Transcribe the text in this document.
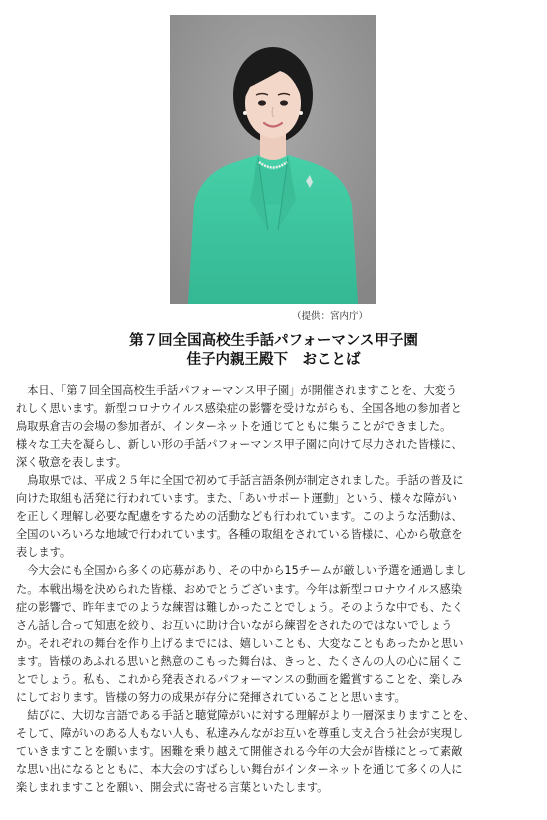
（提供：宮内庁）
第７回全国高校生手話パフォーマンス甲子園
佳子内親王殿下　おことば
　本日、「第７回全国高校生手話パフォーマンス甲子園」が開催されますことを、大変う
れしく思います。新型コロナウイルス感染症の影響を受けながらも、全国各地の参加者と
鳥取県倉吉の会場の参加者が、インターネットを通じてともに集うことができました。
様々な工夫を凝らし、新しい形の手話パフォーマンス甲子園に向けて尽力された皆様に、
深く敬意を表します。
　鳥取県では、平成２５年に全国で初めて手話言語条例が制定されました。手話の普及に
向けた取組も活発に行われています。また、「あいサポート運動」という、様々な障がい
を正しく理解し必要な配慮をするための活動なども行われています。このような活動は、
全国のいろいろな地域で行われています。各種の取組をされている皆様に、心から敬意を
表します。
　今大会にも全国から多くの応募があり、その中から15チームが厳しい予選を通過しまし
た。本戦出場を決められた皆様、おめでとうございます。今年は新型コロナウイルス感染
症の影響で、昨年までのような練習は難しかったことでしょう。そのような中でも、たく
さん話し合って知恵を絞り、お互いに助け合いながら練習をされたのではないでしょう
か。それぞれの舞台を作り上げるまでには、嬉しいことも、大変なこともあったかと思い
ます。皆様のあふれる思いと熱意のこもった舞台は、きっと、たくさんの人の心に届くこ
とでしょう。私も、これから発表されるパフォーマンスの動画を鑑賞することを、楽しみ
にしております。皆様の努力の成果が存分に発揮されていることと思います。
　結びに、大切な言語である手話と聴覚障がいに対する理解がより一層深まりますことを、
そして、障がいのある人もない人も、私達みんながお互いを尊重し支え合う社会が実現し
ていきますことを願います。困難を乗り越えて開催される今年の大会が皆様にとって素敵
な思い出になるとともに、本大会のすばらしい舞台がインターネットを通じて多くの人に
楽しまれますことを願い、開会式に寄せる言葉といたします。
